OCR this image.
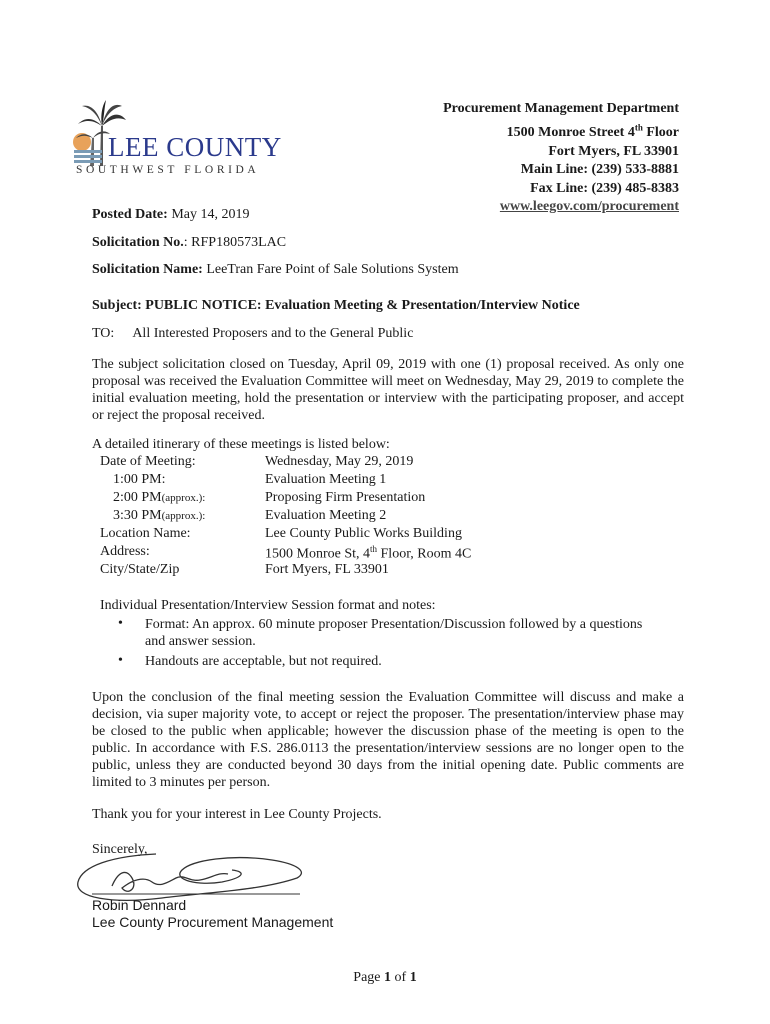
LEE COUNTY
SOUTHWEST FLORIDA
Procurement Management Department
1500 Monroe Street 4th Floor
Fort Myers, FL 33901
Main Line: (239) 533-8881
Fax Line: (239) 485-8383
www.leegov.com/procurement
Posted Date: May 14, 2019
Solicitation No.: RFP180573LAC
Solicitation Name: LeeTran Fare Point of Sale Solutions System
Subject: PUBLIC NOTICE: Evaluation Meeting & Presentation/Interview Notice
TO: All Interested Proposers and to the General Public
The subject solicitation closed on Tuesday, April 09, 2019 with one (1) proposal received. As only one proposal was received the Evaluation Committee will meet on Wednesday, May 29, 2019 to complete the initial evaluation meeting, hold the presentation or interview with the participating proposer, and accept or reject the proposal received.
A detailed itinerary of these meetings is listed below:
Date of Meeting:	Wednesday, May 29, 2019
1:00 PM:	Evaluation Meeting 1
2:00 PM(approx.):	Proposing Firm Presentation
3:30 PM(approx.):	Evaluation Meeting 2
Location Name:	Lee County Public Works Building
Address:	1500 Monroe St, 4th Floor, Room 4C
City/State/Zip	Fort Myers, FL 33901
Individual Presentation/Interview Session format and notes:
• Format: An approx. 60 minute proposer Presentation/Discussion followed by a questions and answer session.
• Handouts are acceptable, but not required.
Upon the conclusion of the final meeting session the Evaluation Committee will discuss and make a decision, via super majority vote, to accept or reject the proposer. The presentation/interview phase may be closed to the public when applicable; however the discussion phase of the meeting is open to the public. In accordance with F.S. 286.0113 the presentation/interview sessions are no longer open to the public, unless they are conducted beyond 30 days from the initial opening date. Public comments are limited to 3 minutes per person.
Thank you for your interest in Lee County Projects.
Sincerely,
Robin Dennard
Lee County Procurement Management
Page 1 of 1
